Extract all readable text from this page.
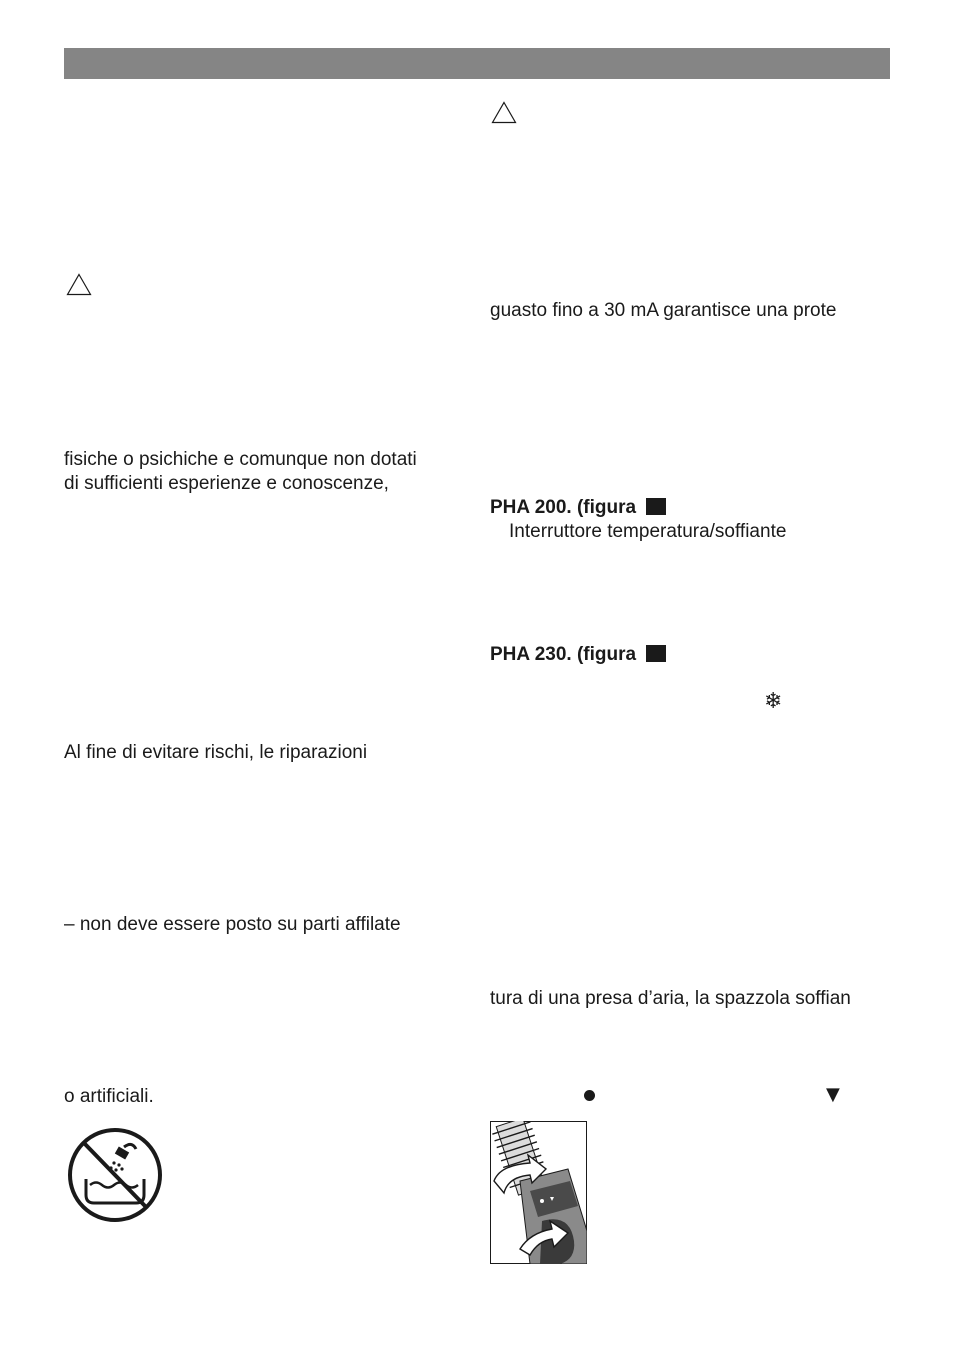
fisiche o psichiche e comunque non dotati
di sufficienti esperienze e conoscenze,
Al fine di evitare rischi, le riparazioni
– non deve essere posto su parti affilate
o artificiali.
guasto fino a 30 mA garantisce una prote
PHA 200. (figura
Interruttore temperatura/soffiante
PHA 230. (figura
❄
tura di una presa d’aria, la spazzola soffian
▼
